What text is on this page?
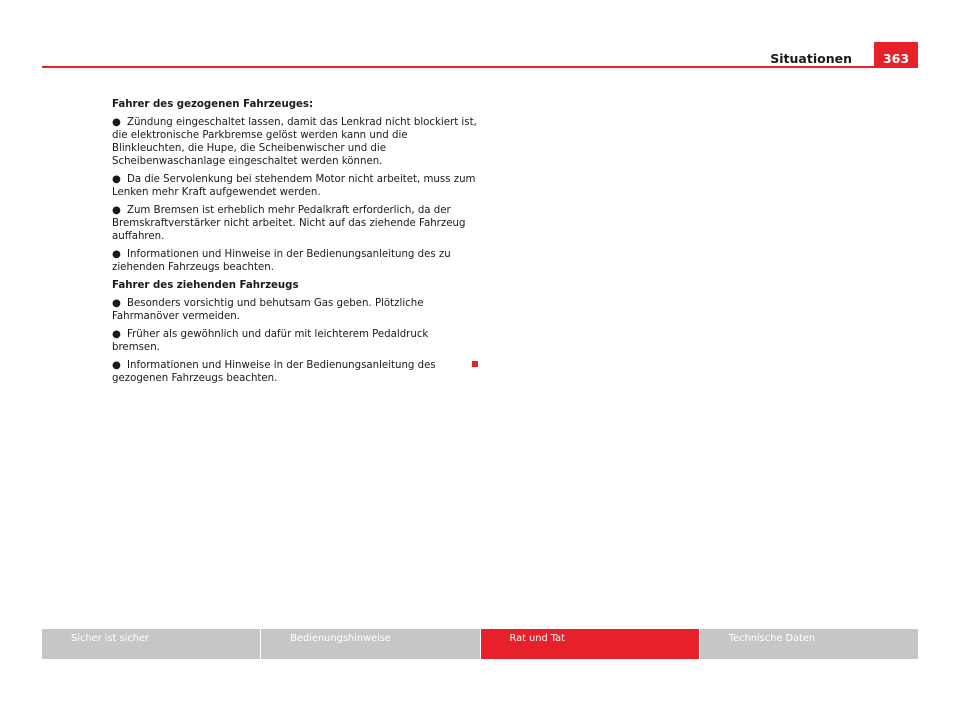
Situationen	363
Fahrer des gezogenen Fahrzeuges:

● Zündung eingeschaltet lassen, damit das Lenkrad nicht blockiert ist, die elektronische Parkbremse gelöst werden kann und die Blinkleuchten, die Hupe, die Scheibenwischer und die Scheibenwaschanlage eingeschaltet werden können.

● Da die Servolenkung bei stehendem Motor nicht arbeitet, muss zum Lenken mehr Kraft aufgewendet werden.

● Zum Bremsen ist erheblich mehr Pedalkraft erforderlich, da der Bremskraftverstärker nicht arbeitet. Nicht auf das ziehende Fahrzeug auffahren.

● Informationen und Hinweise in der Bedienungsanleitung des zu ziehenden Fahrzeugs beachten.

Fahrer des ziehenden Fahrzeugs

● Besonders vorsichtig und behutsam Gas geben. Plötzliche Fahrmanöver vermeiden.

● Früher als gewöhnlich und dafür mit leichterem Pedaldruck bremsen.

● Informationen und Hinweise in der Bedienungsanleitung des gezogenen Fahrzeugs beachten.

Sicher ist sicher	Bedienungshinweise	Rat und Tat	Technische Daten
